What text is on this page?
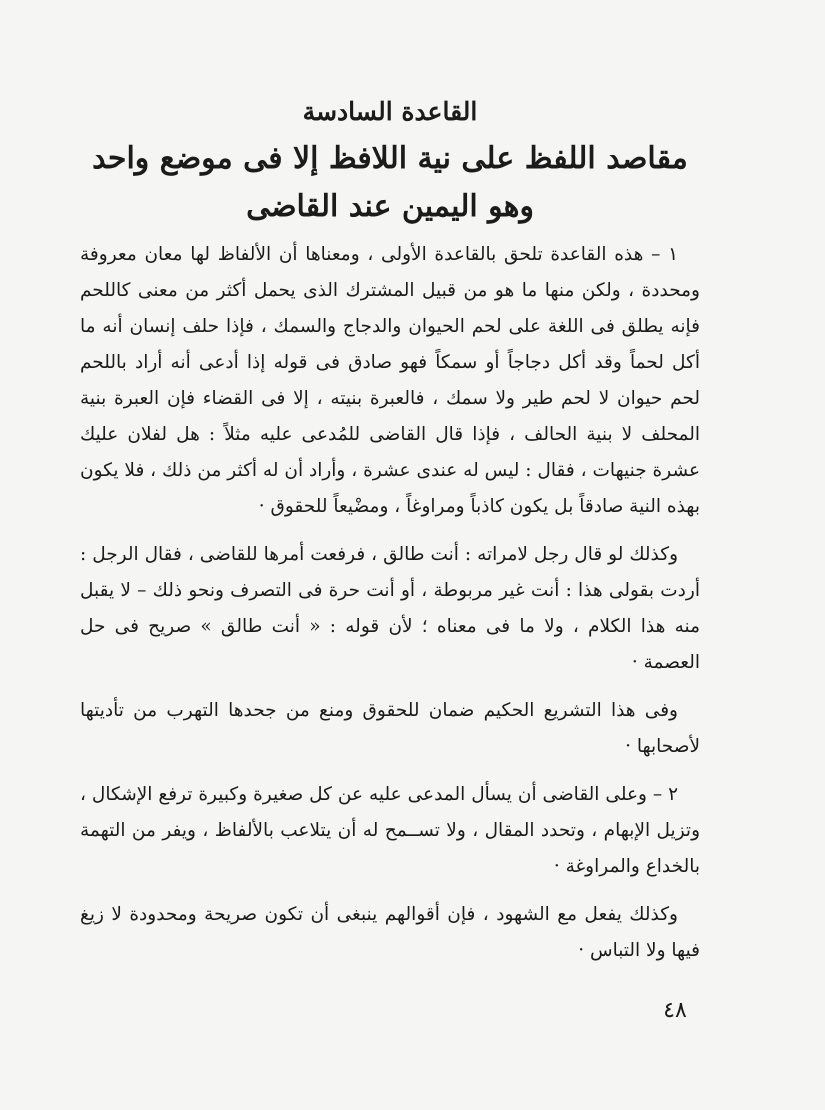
القاعدة السادسة
مقاصد اللفظ على نية اللافظ إلا فى موضع واحد
وهو اليمين عند القاضى

١ – هذه القاعدة تلحق بالقاعدة الأولى ، ومعناها أن الألفاظ لها معان معروفة ومحددة ، ولكن منها ما هو من قبيل المشترك الذى يحمل أكثر من معنى كاللحم فإنه يطلق فى اللغة على لحم الحيوان والدجاج والسمك ، فإذا حلف إنسان أنه ما أكل لحماً وقد أكل دجاجاً أو سمكاً فهو صادق فى قوله إذا أدعى أنه أراد باللحم لحم حيوان لا لحم طير ولا سمك ، فالعبرة بنيته ، إلا فى القضاء فإن العبرة بنية المحلف لا بنية الحالف ، فإذا قال القاضى للمُدعى عليه مثلاً : هل لفلان عليك عشرة جنيهات ، فقال : ليس له عندى عشرة ، وأراد أن له أكثر من ذلك ، فلا يكون بهذه النية صادقاً بل يكون كاذباً ومراوغاً ، ومضْيعاً للحقوق ·

وكذلك لو قال رجل لامراته : أنت طالق ، فرفعت أمرها للقاضى ، فقال الرجل : أردت بقولى هذا : أنت غير مربوطة ، أو أنت حرة فى التصرف ونحو ذلك – لا يقبل منه هذا الكلام ، ولا ما فى معناه ؛ لأن قوله : « أنت طالق » صريح فى حل العصمة ·

وفى هذا التشريع الحكيم ضمان للحقوق ومنع من جحدها التهرب من تأديتها لأصحابها ·

٢ – وعلى القاضى أن يسأل المدعى عليه عن كل صغيرة وكبيرة ترفع الإشكال ، وتزيل الإبهام ، وتحدد المقال ، ولا تســمح له أن يتلاعب بالألفاظ ، ويفر من التهمة بالخداع والمراوغة ·

وكذلك يفعل مع الشهود ، فإن أقوالهم ينبغى أن تكون صريحة ومحدودة لا زيغ فيها ولا التباس ·

٤٨
